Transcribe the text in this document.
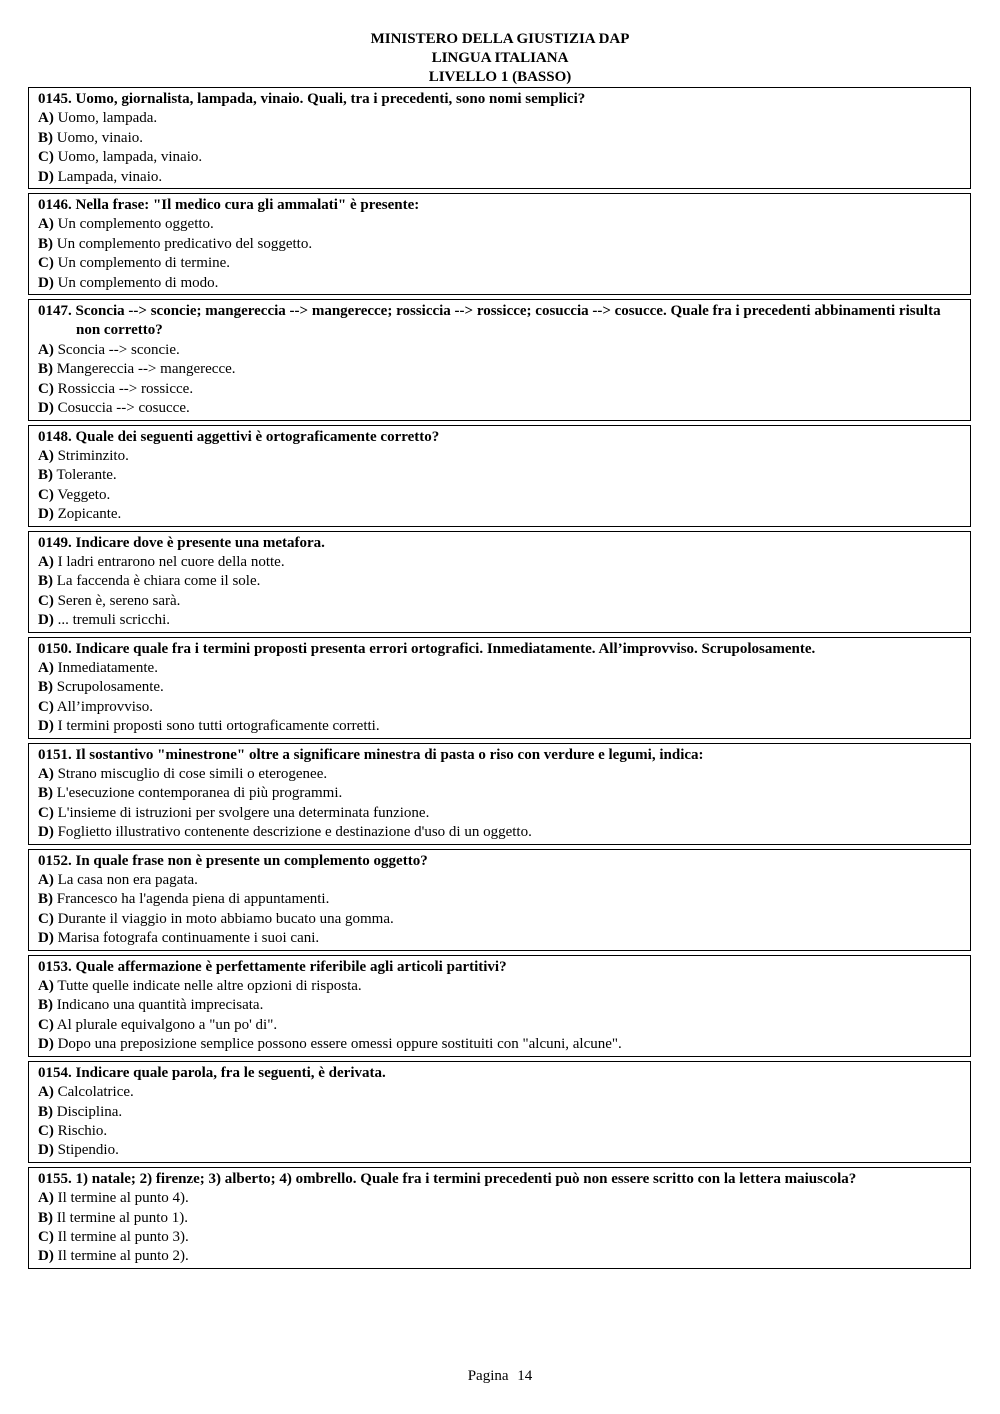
MINISTERO DELLA GIUSTIZIA DAP
LINGUA ITALIANA
LIVELLO 1 (BASSO)
0145. Uomo, giornalista, lampada, vinaio. Quali, tra i precedenti, sono nomi semplici?
A) Uomo, lampada.
B) Uomo, vinaio.
C) Uomo, lampada, vinaio.
D) Lampada, vinaio.
0146. Nella frase: "Il medico cura gli ammalati" è presente:
A) Un complemento oggetto.
B) Un complemento predicativo del soggetto.
C) Un complemento di termine.
D) Un complemento di modo.
0147. Sconcia --> sconcie; mangereccia --> mangerecce; rossiccia --> rossicce; cosuccia --> cosucce. Quale fra i precedenti abbinamenti risulta non corretto?
A) Sconcia --> sconcie.
B) Mangereccia --> mangerecce.
C) Rossiccia --> rossicce.
D) Cosuccia --> cosucce.
0148. Quale dei seguenti aggettivi è ortograficamente corretto?
A) Striminzito.
B) Tolerante.
C) Veggeto.
D) Zopicante.
0149. Indicare dove è presente una metafora.
A) I ladri entrarono nel cuore della notte.
B) La faccenda è chiara come il sole.
C) Seren è, sereno sarà.
D) ... tremuli scricchi.
0150. Indicare quale fra i termini proposti presenta errori ortografici. Inmediatamente. All’improvviso. Scrupolosamente.
A) Inmediatamente.
B) Scrupolosamente.
C) All’improvviso.
D) I termini proposti sono tutti ortograficamente corretti.
0151. Il sostantivo "minestrone" oltre a significare minestra di pasta o riso con verdure e legumi, indica:
A) Strano miscuglio di cose simili o eterogenee.
B) L'esecuzione contemporanea di più programmi.
C) L'insieme di istruzioni per svolgere una determinata funzione.
D) Foglietto illustrativo contenente descrizione e destinazione d'uso di un oggetto.
0152. In quale frase non è presente un complemento oggetto?
A) La casa non era pagata.
B) Francesco ha l'agenda piena di appuntamenti.
C) Durante il viaggio in moto abbiamo bucato una gomma.
D) Marisa fotografa continuamente i suoi cani.
0153. Quale affermazione è perfettamente riferibile agli articoli partitivi?
A) Tutte quelle indicate nelle altre opzioni di risposta.
B) Indicano una quantità imprecisata.
C) Al plurale equivalgono a "un po' di".
D) Dopo una preposizione semplice possono essere omessi oppure sostituiti con "alcuni, alcune".
0154. Indicare quale parola, fra le seguenti, è derivata.
A) Calcolatrice.
B) Disciplina.
C) Rischio.
D) Stipendio.
0155. 1) natale; 2) firenze; 3) alberto; 4) ombrello. Quale fra i termini precedenti può non essere scritto con la lettera maiuscola?
A) Il termine al punto 4).
B) Il termine al punto 1).
C) Il termine al punto 3).
D) Il termine al punto 2).
Pagina 14
